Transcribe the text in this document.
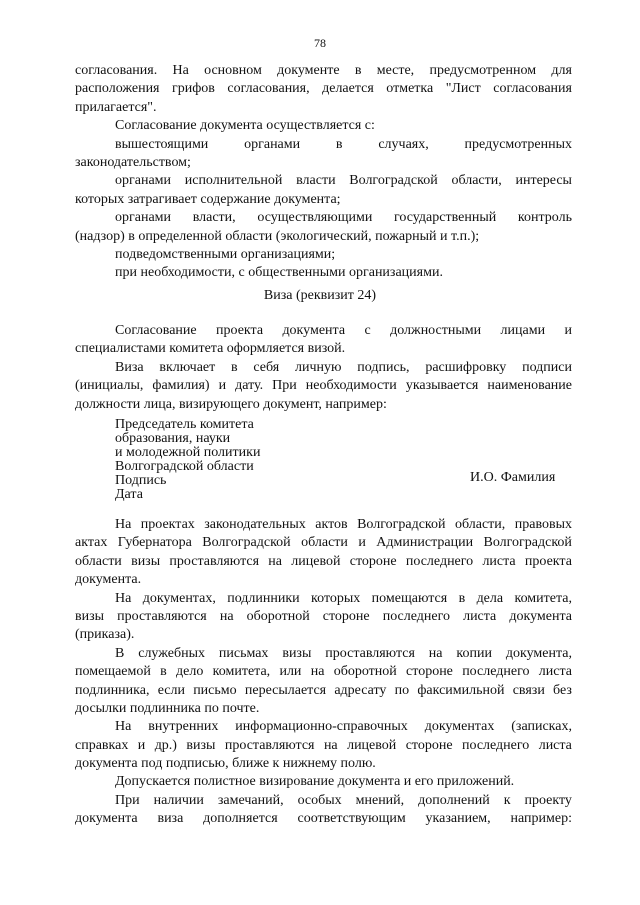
78
согласования. На основном документе в месте, предусмотренном для
расположения грифов согласования, делается отметка "Лист согласования
прилагается".
Согласование документа осуществляется с:
вышестоящими	органами	в	случаях,	предусмотренных
законодательством;
органами исполнительной власти Волгоградской области, интересы
которых затрагивает содержание документа;
органами власти, осуществляющими государственный контроль
(надзор) в определенной области (экологический, пожарный и т.п.);
подведомственными организациями;
при необходимости, с общественными организациями.
Виза (реквизит 24)
Согласование проекта документа с должностными лицами и
специалистами комитета оформляется визой.
Виза включает в себя личную подпись, расшифровку подписи
(инициалы, фамилия) и дату. При необходимости указывается наименование
должности лица, визирующего документ, например:
Председатель комитета
образования, науки
и молодежной политики
Волгоградской области
Подпись
Дата
И.О. Фамилия
На проектах законодательных актов Волгоградской области, правовых
актах Губернатора Волгоградской области и Администрации Волгоградской
области визы проставляются на лицевой стороне последнего листа проекта
документа.
На документах, подлинники которых помещаются в дела комитета,
визы проставляются на оборотной стороне последнего листа документа
(приказа).
В служебных письмах визы проставляются на копии документа,
помещаемой в дело комитета, или на оборотной стороне последнего листа
подлинника, если письмо пересылается адресату по факсимильной связи без
досылки подлинника по почте.
На внутренних информационно-справочных документах (записках,
справках и др.) визы проставляются на лицевой стороне последнего листа
документа под подписью, ближе к нижнему полю.
Допускается полистное визирование документа и его приложений.
При наличии замечаний, особых мнений, дополнений к проекту
документа виза дополняется соответствующим указанием, например:
